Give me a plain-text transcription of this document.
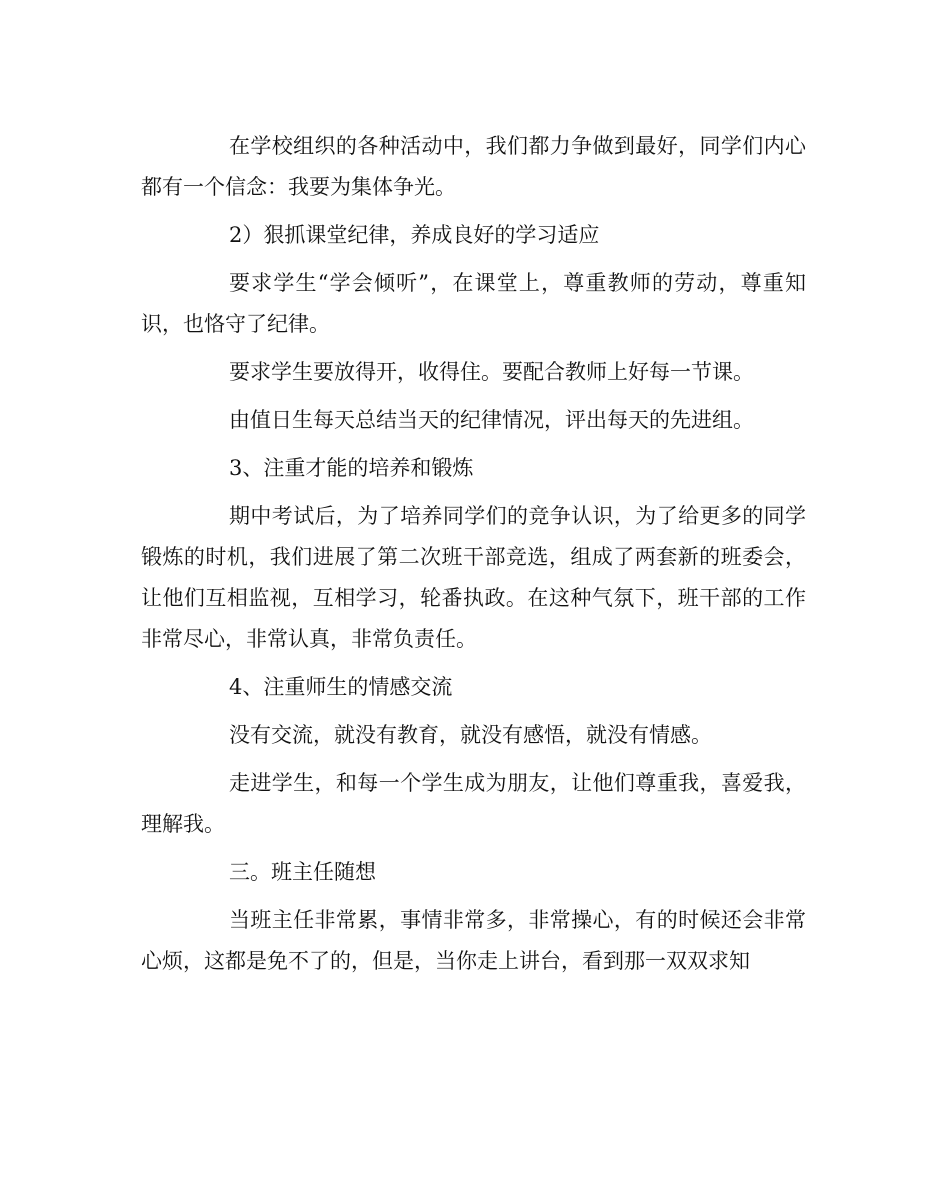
在学校组织的各种活动中，我们都力争做到最好，同学们内心都有一个信念：我要为集体争光。

2）狠抓课堂纪律，养成良好的学习适应

要求学生“学会倾听”，在课堂上，尊重教师的劳动，尊重知识，也恪守了纪律。

要求学生要放得开，收得住。要配合教师上好每一节课。

由值日生每天总结当天的纪律情况，评出每天的先进组。

3、注重才能的培养和锻炼

期中考试后，为了培养同学们的竞争认识，为了给更多的同学锻炼的时机，我们进展了第二次班干部竞选，组成了两套新的班委会，让他们互相监视，互相学习，轮番执政。在这种气氛下，班干部的工作非常尽心，非常认真，非常负责任。

4、注重师生的情感交流

没有交流，就没有教育，就没有感悟，就没有情感。

走进学生，和每一个学生成为朋友，让他们尊重我，喜爱我，理解我。

三。班主任随想

当班主任非常累，事情非常多，非常操心，有的时候还会非常心烦，这都是免不了的，但是，当你走上讲台，看到那一双双求知
